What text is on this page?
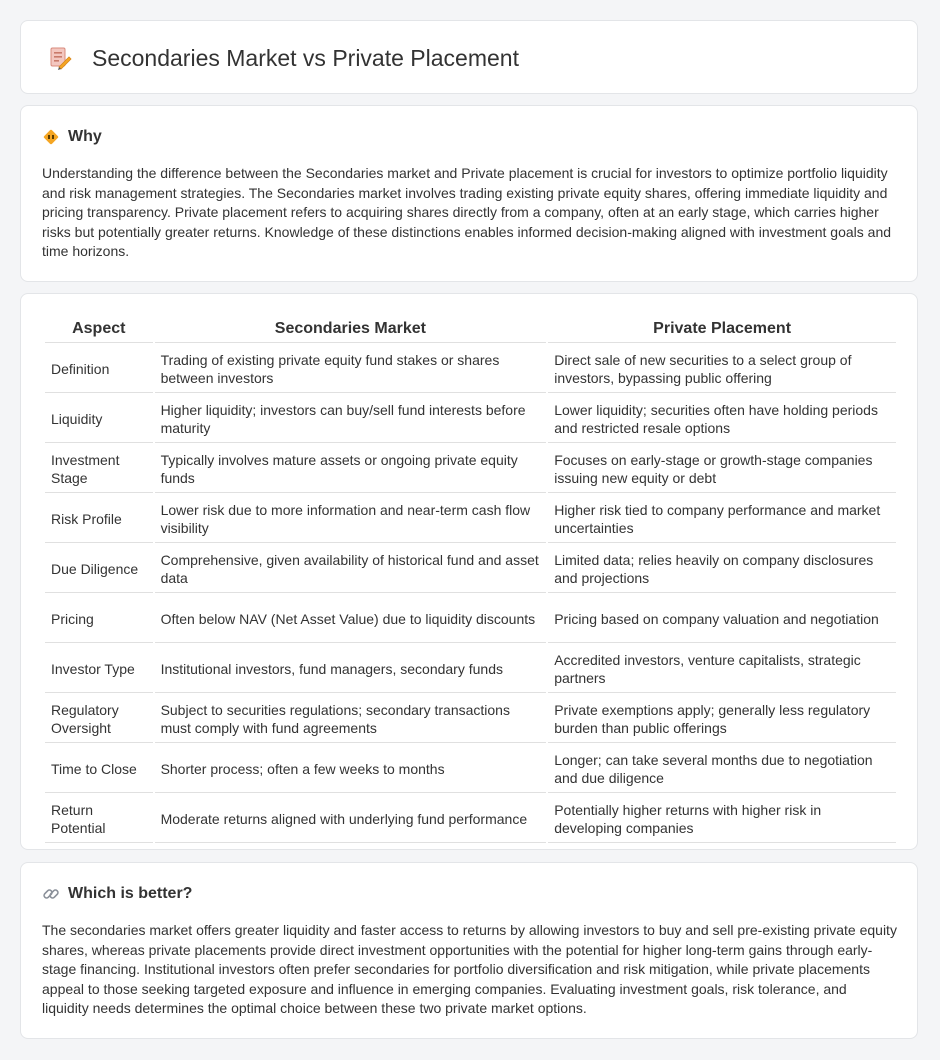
Secondaries Market vs Private Placement
Why

Understanding the difference between the Secondaries market and Private placement is crucial for investors to optimize portfolio liquidity and risk management strategies. The Secondaries market involves trading existing private equity shares, offering immediate liquidity and pricing transparency. Private placement refers to acquiring shares directly from a company, often at an early stage, which carries higher risks but potentially greater returns. Knowledge of these distinctions enables informed decision-making aligned with investment goals and time horizons.

Aspect	Secondaries Market	Private Placement
Definition	Trading of existing private equity fund stakes or shares between investors	Direct sale of new securities to a select group of investors, bypassing public offering
Liquidity	Higher liquidity; investors can buy/sell fund interests before maturity	Lower liquidity; securities often have holding periods and restricted resale options
Investment Stage	Typically involves mature assets or ongoing private equity funds	Focuses on early-stage or growth-stage companies issuing new equity or debt
Risk Profile	Lower risk due to more information and near-term cash flow visibility	Higher risk tied to company performance and market uncertainties
Due Diligence	Comprehensive, given availability of historical fund and asset data	Limited data; relies heavily on company disclosures and projections
Pricing	Often below NAV (Net Asset Value) due to liquidity discounts	Pricing based on company valuation and negotiation
Investor Type	Institutional investors, fund managers, secondary funds	Accredited investors, venture capitalists, strategic partners
Regulatory Oversight	Subject to securities regulations; secondary transactions must comply with fund agreements	Private exemptions apply; generally less regulatory burden than public offerings
Time to Close	Shorter process; often a few weeks to months	Longer; can take several months due to negotiation and due diligence
Return Potential	Moderate returns aligned with underlying fund performance	Potentially higher returns with higher risk in developing companies
Which is better?

The secondaries market offers greater liquidity and faster access to returns by allowing investors to buy and sell pre-existing private equity shares, whereas private placements provide direct investment opportunities with the potential for higher long-term gains through early-stage financing. Institutional investors often prefer secondaries for portfolio diversification and risk mitigation, while private placements appeal to those seeking targeted exposure and influence in emerging companies. Evaluating investment goals, risk tolerance, and liquidity needs determines the optimal choice between these two private market options.
